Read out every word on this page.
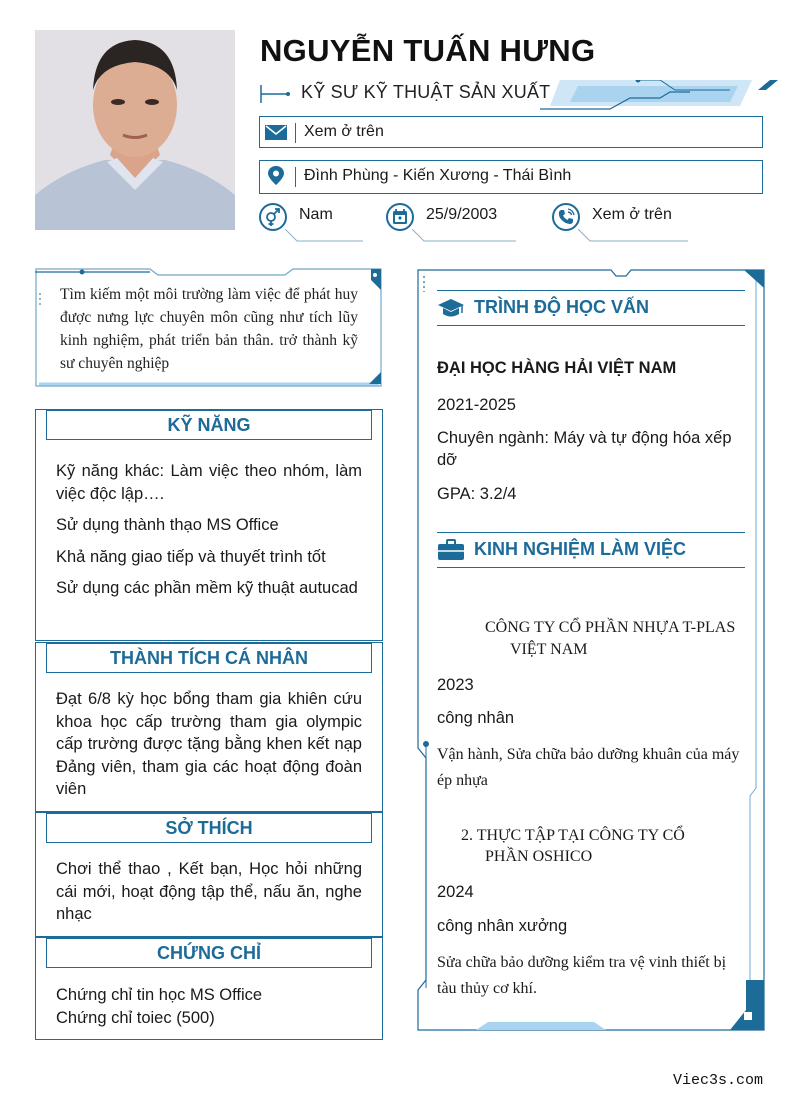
NGUYỄN TUẤN HƯNG
KỸ SƯ KỸ THUẬT SẢN XUẤT
Xem ở trên
Đình Phùng - Kiến Xương - Thái Bình
Nam	25/9/2003	Xem ở trên
Tìm kiếm một môi trường làm việc để phát huy được nưng lực chuyên môn cũng như tích lũy kinh nghiệm, phát triển bản thân. trở thành kỹ sư chuyên nghiệp
KỸ NĂNG

Kỹ năng khác: Làm việc theo nhóm, làm việc độc lập….

Sử dụng thành thạo MS Office

Khả năng giao tiếp và thuyết trình tốt

Sử dụng các phần mềm kỹ thuật autucad

THÀNH TÍCH CÁ NHÂN

Đạt 6/8 kỳ học bổng tham gia khiên cứu khoa học cấp trường tham gia olympic cấp trường được tặng bằng khen kết nạp Đảng viên, tham gia các hoạt động đoàn viên

SỞ THÍCH

Chơi thể thao , Kết bạn, Học hỏi những cái mới, hoạt động tập thể, nấu ăn, nghe nhạc

CHỨNG CHỈ
Chứng chỉ tin học MS Office
Chứng chỉ toiec (500)
TRÌNH ĐỘ HỌC VẤN
ĐẠI HỌC HÀNG HẢI VIỆT NAM
2021-2025
Chuyên ngành: Máy và tự động hóa xếp dỡ
GPA: 3.2/4
KINH NGHIỆM LÀM VIỆC
CÔNG TY CỔ PHẦN NHỰA T-PLAS
VIỆT NAM
2023
công nhân
Vận hành, Sửa chữa bảo dưỡng khuân của máy ép nhựa
2. THỰC TẬP TẠI CÔNG TY CỔ
PHẦN OSHICO
2024
công nhân xưởng
Sửa chữa bảo dưỡng kiểm tra vệ vinh thiết bị tàu thủy cơ khí.
Viec3s.com
